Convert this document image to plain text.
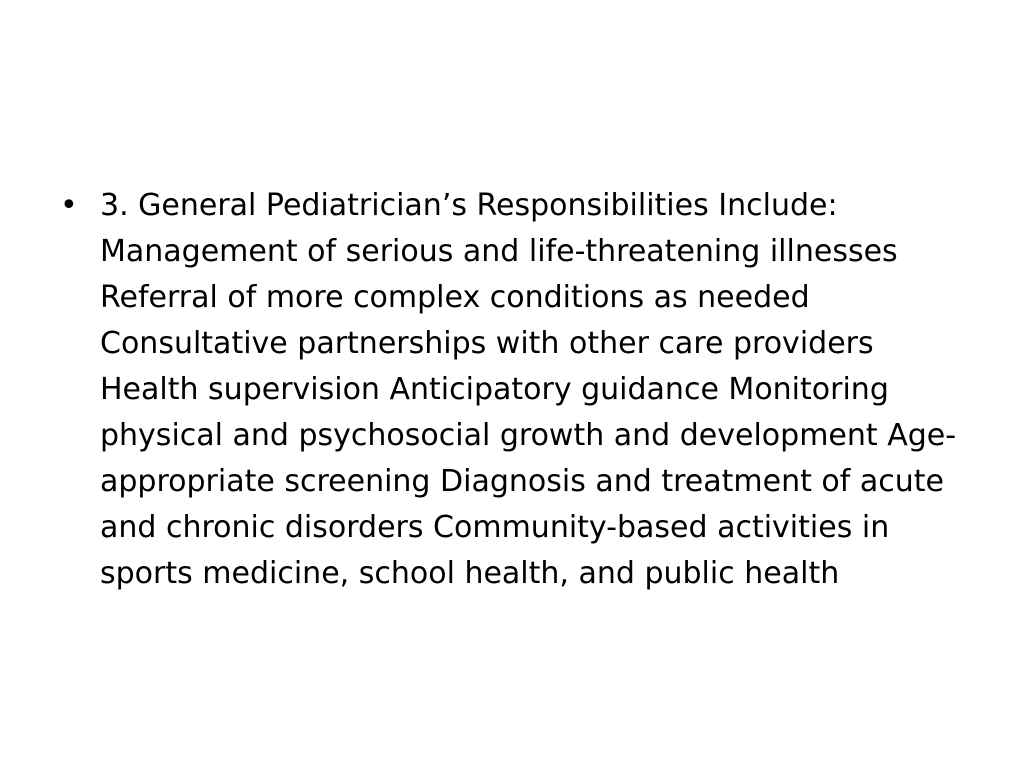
• 3. General Pediatrician’s Responsibilities Include: Management of serious and life-threatening illnesses Referral of more complex conditions as needed Consultative partnerships with other care providers Health supervision Anticipatory guidance Monitoring physical and psychosocial growth and development Age-appropriate screening Diagnosis and treatment of acute and chronic disorders Community-based activities in sports medicine, school health, and public health
